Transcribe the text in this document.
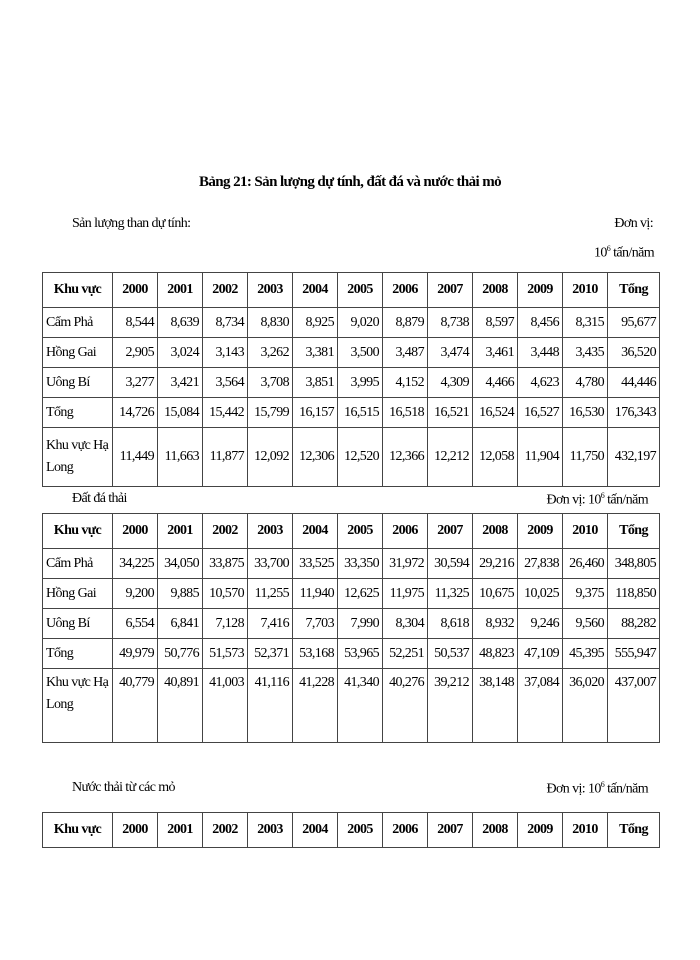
Bảng 21: Sản lượng dự tính, đất đá và nước thải mỏ
Sản lượng than dự tính:	Đơn vị:
$10^6$ tấn/năm
Khu vực	2000	2001	2002	2003	2004	2005	2006	2007	2008	2009	2010	Tổng
Cẩm Phả	8,544	8,639	8,734	8,830	8,925	9,020	8,879	8,738	8,597	8,456	8,315	95,677
Hồng Gai	2,905	3,024	3,143	3,262	3,381	3,500	3,487	3,474	3,461	3,448	3,435	36,520
Uông Bí	3,277	3,421	3,564	3,708	3,851	3,995	4,152	4,309	4,466	4,623	4,780	44,446
Tổng	14,726	15,084	15,442	15,799	16,157	16,515	16,518	16,521	16,524	16,527	16,530	176,343
Khu vực Hạ Long	11,449	11,663	11,877	12,092	12,306	12,520	12,366	12,212	12,058	11,904	11,750	432,197
Đất đá thải	Đơn vị: $10^6$ tấn/năm
Khu vực	2000	2001	2002	2003	2004	2005	2006	2007	2008	2009	2010	Tổng
Cẩm Phả	34,225	34,050	33,875	33,700	33,525	33,350	31,972	30,594	29,216	27,838	26,460	348,805
Hồng Gai	9,200	9,885	10,570	11,255	11,940	12,625	11,975	11,325	10,675	10,025	9,375	118,850
Uông Bí	6,554	6,841	7,128	7,416	7,703	7,990	8,304	8,618	8,932	9,246	9,560	88,282
Tổng	49,979	50,776	51,573	52,371	53,168	53,965	52,251	50,537	48,823	47,109	45,395	555,947
Khu vực Hạ Long	40,779	40,891	41,003	41,116	41,228	41,340	40,276	39,212	38,148	37,084	36,020	437,007
Nước thải từ các mỏ	Đơn vị: $10^6$ tấn/năm
Khu vực	2000	2001	2002	2003	2004	2005	2006	2007	2008	2009	2010	Tổng
